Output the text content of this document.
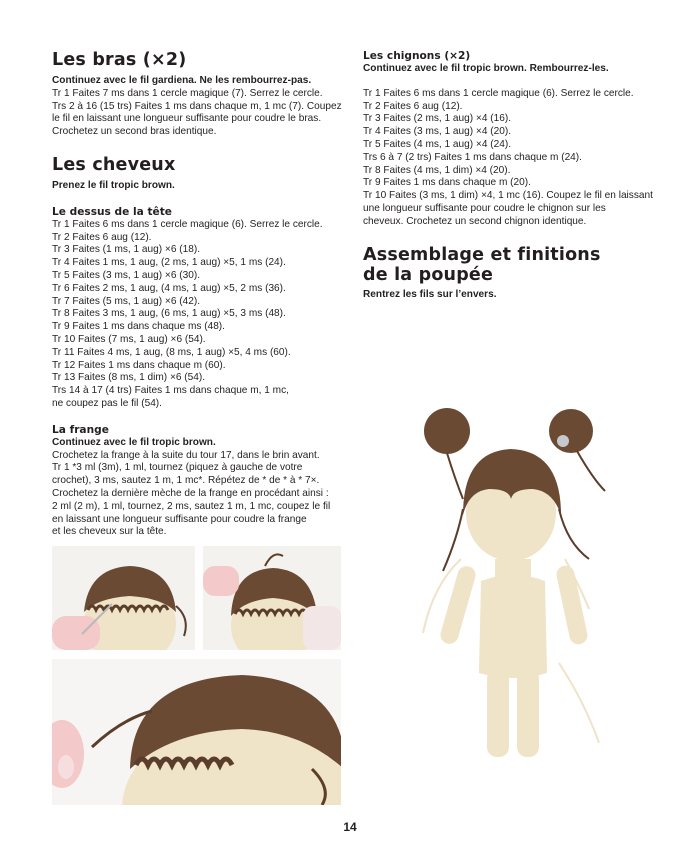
Les bras (×2)

Continuez avec le fil gardiena. Ne les rembourrez-pas.

Tr 1 Faites 7 ms dans 1 cercle magique (7). Serrez le cercle.

Trs 2 à 16 (15 trs) Faites 1 ms dans chaque m, 1 mc (7). Coupez le fil en laissant une longueur suffisante pour coudre le bras. Crochetez un second bras identique.

Les cheveux

Prenez le fil tropic brown.

Le dessus de la tête
Tr 1 Faites 6 ms dans 1 cercle magique (6). Serrez le cercle.
Tr 2 Faites 6 aug (12).
Tr 3 Faites (1 ms, 1 aug) ×6 (18).
Tr 4 Faites 1 ms, 1 aug, (2 ms, 1 aug) ×5, 1 ms (24).
Tr 5 Faites (3 ms, 1 aug) ×6 (30).
Tr 6 Faites 2 ms, 1 aug, (4 ms, 1 aug) ×5, 2 ms (36).
Tr 7 Faites (5 ms, 1 aug) ×6 (42).
Tr 8 Faites 3 ms, 1 aug, (6 ms, 1 aug) ×5, 3 ms (48).
Tr 9 Faites 1 ms dans chaque ms (48).
Tr 10 Faites (7 ms, 1 aug) ×6 (54).
Tr 11 Faites 4 ms, 1 aug, (8 ms, 1 aug) ×5, 4 ms (60).
Tr 12 Faites 1 ms dans chaque m (60).
Tr 13 Faites (8 ms, 1 dim) ×6 (54).
Trs 14 à 17 (4 trs) Faites 1 ms dans chaque m, 1 mc,
ne coupez pas le fil (54).
La frange

Continuez avec le fil tropic brown.

Crochetez la frange à la suite du tour 17, dans le brin avant.
Tr 1 *3 ml (3m), 1 ml, tournez (piquez à gauche de votre
crochet), 3 ms, sautez 1 m, 1 mc*. Répétez de * de * à * 7×.
Crochetez la dernière mèche de la frange en procédant ainsi :
2 ml (2 m), 1 ml, tournez, 2 ms, sautez 1 m, 1 mc, coupez le fil
en laissant une longueur suffisante pour coudre la frange
et les cheveux sur la tête.
Les chignons (×2)

Continuez avec le fil tropic brown. Rembourrez-les.

Tr 1 Faites 6 ms dans 1 cercle magique (6). Serrez le cercle.
Tr 2 Faites 6 aug (12).
Tr 3 Faites (2 ms, 1 aug) ×4 (16).
Tr 4 Faites (3 ms, 1 aug) ×4 (20).
Tr 5 Faites (4 ms, 1 aug) ×4 (24).
Trs 6 à 7 (2 trs) Faites 1 ms dans chaque m (24).
Tr 8 Faites (4 ms, 1 dim) ×4 (20).
Tr 9 Faites 1 ms dans chaque m (20).
Tr 10 Faites (3 ms, 1 dim) ×4, 1 mc (16). Coupez le fil en laissant
une longueur suffisante pour coudre le chignon sur les
cheveux. Crochetez un second chignon identique.
Assemblage et finitions
de la poupée

Rentrez les fils sur l’envers.

14
